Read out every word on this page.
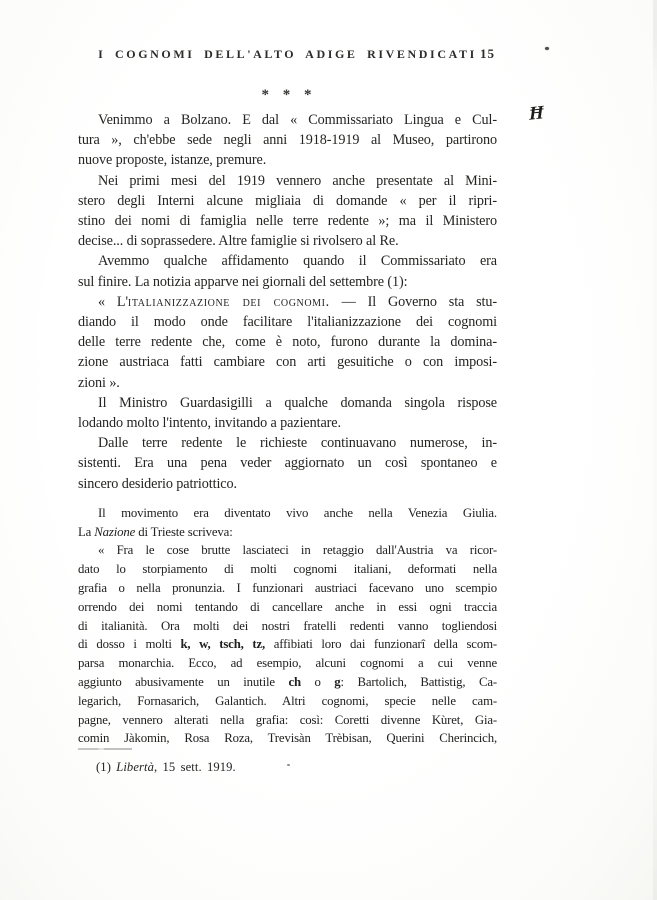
I COGNOMI DELL'ALTO ADIGE RIVENDICATI 15
* * *
Venimmo a Bolzano. E dal « Commissariato Lingua e Cul-
tura », ch'ebbe sede negli anni 1918-1919 al Museo, partirono
nuove proposte, istanze, premure.
Nei primi mesi del 1919 vennero anche presentate al Mini-
stero degli Interni alcune migliaia di domande « per il ripri-
stino dei nomi di famiglia nelle terre redente »; ma il Ministero
decise... di soprassedere. Altre famiglie si rivolsero al Re.
Avemmo qualche affidamento quando il Commissariato era
sul finire. La notizia apparve nei giornali del settembre (1):
« L'italianizzazione dei cognomi. — Il Governo sta stu-
diando il modo onde facilitare l'italianizzazione dei cognomi
delle terre redente che, come è noto, furono durante la domina-
zione austriaca fatti cambiare con arti gesuitiche o con imposi-
zioni ».
Il Ministro Guardasigilli a qualche domanda singola rispose
lodando molto l'intento, invitando a pazientare.
Dalle terre redente le richieste continuavano numerose, in-
sistenti. Era una pena veder aggiornato un così spontaneo e
sincero desiderio patriottico.
Il movimento era diventato vivo anche nella Venezia Giulia.
La Nazione di Trieste scriveva:
« Fra le cose brutte lasciateci in retaggio dall'Austria va ricor-
dato lo storpiamento di molti cognomi italiani, deformati nella
grafia o nella pronunzia. I funzionari austriaci facevano uno scempio
orrendo dei nomi tentando di cancellare anche in essi ogni traccia
di italianità. Ora molti dei nostri fratelli redenti vanno togliendosi
di dosso i molti k, w, tsch, tz, affibiati loro dai funzionarî della scom-
parsa monarchia. Ecco, ad esempio, alcuni cognomi a cui venne
aggiunto abusivamente un inutile ch o g: Bartolich, Battistig, Ca-
legarich, Fornasarich, Galantich. Altri cognomi, specie nelle cam-
pagne, vennero alterati nella grafia: così: Coretti divenne Kùret, Gia-
comin Jàkomin, Rosa Roza, Trevisàn Trèbisan, Querini Cherincich,
(1) Libertà, 15 sett. 1919.
Ħ
